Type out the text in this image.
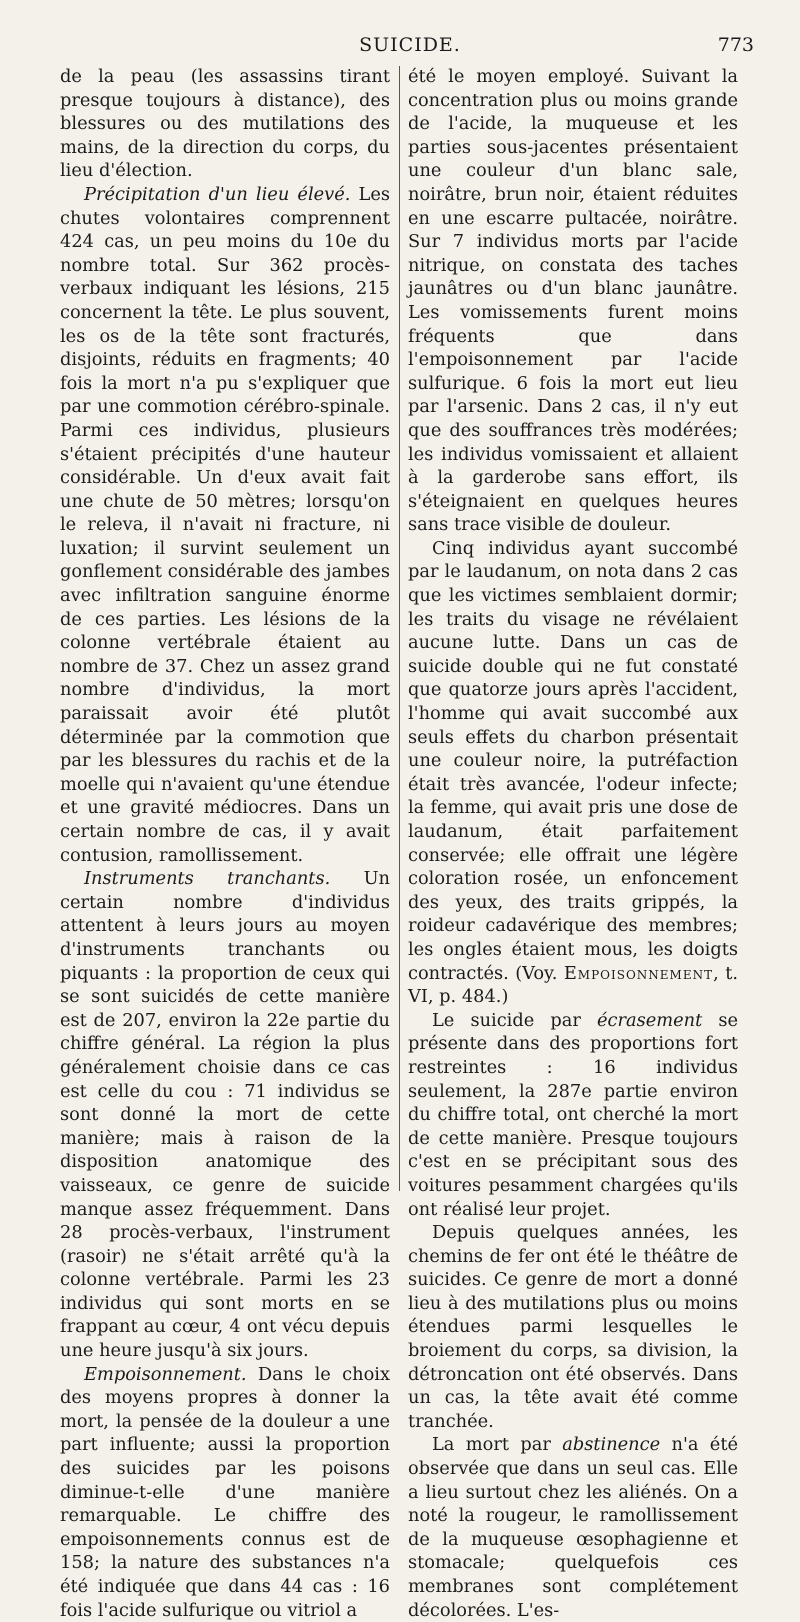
SUICIDE.	773

de la peau (les assassins tirant presque toujours à distance), des blessures ou des mutilations des mains, de la direction du corps, du lieu d'élection.

Précipitation d'un lieu élevé. Les chutes volontaires comprennent 424 cas, un peu moins du 10e du nombre total. Sur 362 procès-verbaux indiquant les lésions, 215 concernent la tête. Le plus souvent, les os de la tête sont fracturés, disjoints, réduits en fragments; 40 fois la mort n'a pu s'expliquer que par une commotion cérébro-spinale. Parmi ces individus, plusieurs s'étaient précipités d'une hauteur considérable. Un d'eux avait fait une chute de 50 mètres; lorsqu'on le releva, il n'avait ni fracture, ni luxation; il survint seulement un gonflement considérable des jambes avec infiltration sanguine énorme de ces parties. Les lésions de la colonne vertébrale étaient au nombre de 37. Chez un assez grand nombre d'individus, la mort paraissait avoir été plutôt déterminée par la commotion que par les blessures du rachis et de la moelle qui n'avaient qu'une étendue et une gravité médiocres. Dans un certain nombre de cas, il y avait contusion, ramollissement.

Instruments tranchants. Un certain nombre d'individus attentent à leurs jours au moyen d'instruments tranchants ou piquants : la proportion de ceux qui se sont suicidés de cette manière est de 207, environ la 22e partie du chiffre général. La région la plus généralement choisie dans ce cas est celle du cou : 71 individus se sont donné la mort de cette manière; mais à raison de la disposition anatomique des vaisseaux, ce genre de suicide manque assez fréquemment. Dans 28 procès-verbaux, l'instrument (rasoir) ne s'était arrêté qu'à la colonne vertébrale. Parmi les 23 individus qui sont morts en se frappant au cœur, 4 ont vécu depuis une heure jusqu'à six jours.

Empoisonnement. Dans le choix des moyens propres à donner la mort, la pensée de la douleur a une part influente; aussi la proportion des suicides par les poisons diminue-t-elle d'une manière remarquable. Le chiffre des empoisonnements connus est de 158; la nature des substances n'a été indiquée que dans 44 cas : 16 fois l'acide sulfurique ou vitriol a

été le moyen employé. Suivant la concentration plus ou moins grande de l'acide, la muqueuse et les parties sous-jacentes présentaient une couleur d'un blanc sale, noirâtre, brun noir, étaient réduites en une escarre pultacée, noirâtre. Sur 7 individus morts par l'acide nitrique, on constata des taches jaunâtres ou d'un blanc jaunâtre. Les vomissements furent moins fréquents que dans l'empoisonnement par l'acide sulfurique. 6 fois la mort eut lieu par l'arsenic. Dans 2 cas, il n'y eut que des souffrances très modérées; les individus vomissaient et allaient à la garderobe sans effort, ils s'éteignaient en quelques heures sans trace visible de douleur.

Cinq individus ayant succombé par le laudanum, on nota dans 2 cas que les victimes semblaient dormir; les traits du visage ne révélaient aucune lutte. Dans un cas de suicide double qui ne fut constaté que quatorze jours après l'accident, l'homme qui avait succombé aux seuls effets du charbon présentait une couleur noire, la putréfaction était très avancée, l'odeur infecte; la femme, qui avait pris une dose de laudanum, était parfaitement conservée; elle offrait une légère coloration rosée, un enfoncement des yeux, des traits grippés, la roideur cadavérique des membres; les ongles étaient mous, les doigts contractés. (Voy. Empoisonnement, t. VI, p. 484.)

Le suicide par écrasement se présente dans des proportions fort restreintes : 16 individus seulement, la 287e partie environ du chiffre total, ont cherché la mort de cette manière. Presque toujours c'est en se précipitant sous des voitures pesamment chargées qu'ils ont réalisé leur projet.

Depuis quelques années, les chemins de fer ont été le théâtre de suicides. Ce genre de mort a donné lieu à des mutilations plus ou moins étendues parmi lesquelles le broiement du corps, sa division, la détroncation ont été observés. Dans un cas, la tête avait été comme tranchée.

La mort par abstinence n'a été observée que dans un seul cas. Elle a lieu surtout chez les aliénés. On a noté la rougeur, le ramollissement de la muqueuse œsophagienne et stomacale; quelquefois ces membranes sont complétement décolorées. L'es-
